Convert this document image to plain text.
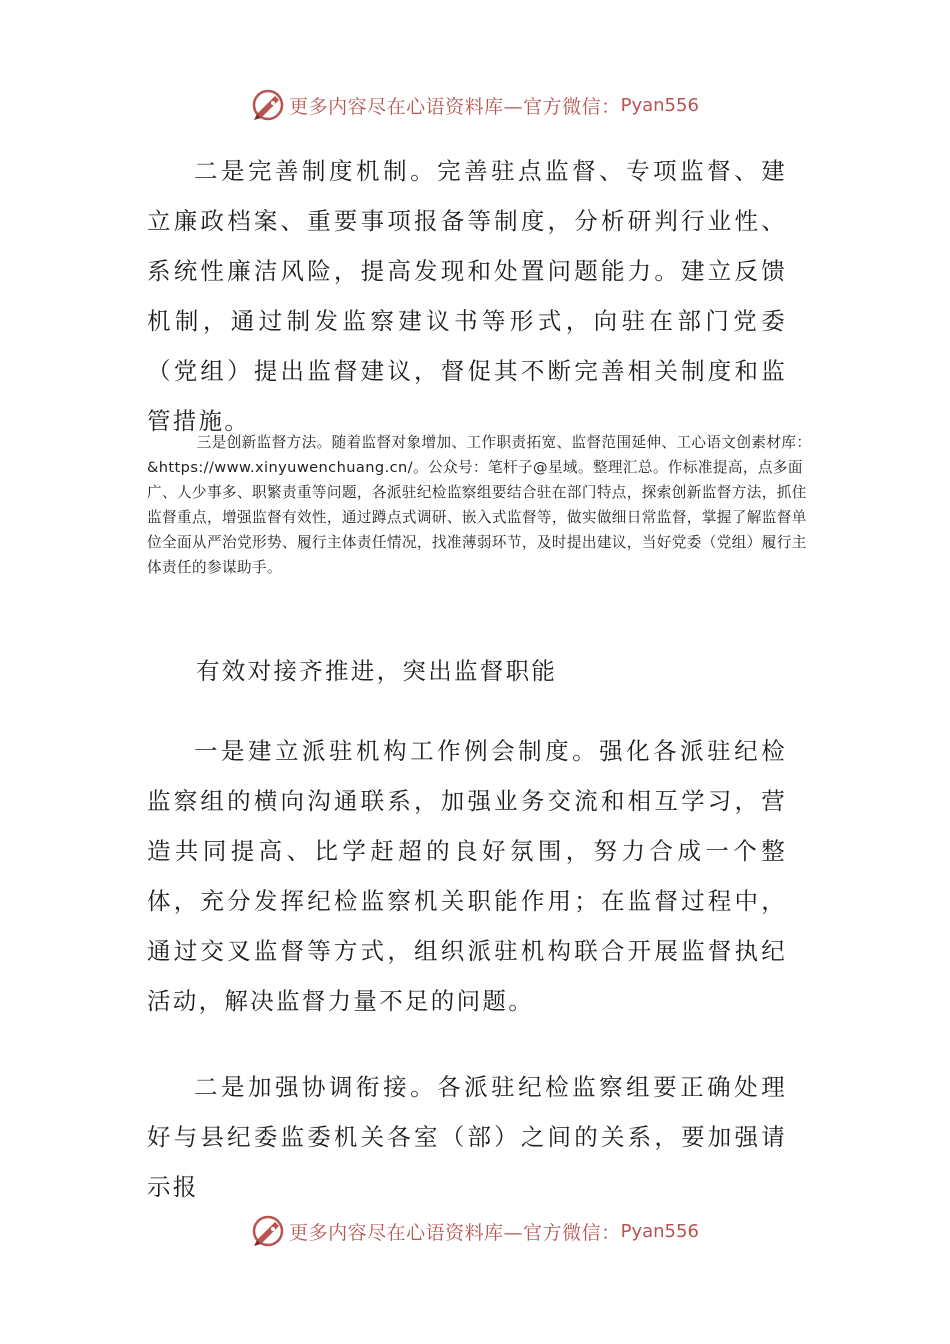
更多内容尽在心语资料库—官方微信： Pyan556

二是完善制度机制。完善驻点监督、专项监督、建立廉政档案、重要事项报备等制度，分析研判行业性、系统性廉洁风险，提高发现和处置问题能力。建立反馈机制，通过制发监察建议书等形式，向驻在部门党委（党组）提出监督建议，督促其不断完善相关制度和监管措施。

三是创新监督方法。随着监督对象增加、工作职责拓宽、监督范围延伸、工心语文创素材库：&https://www.xinyuwenchuang.cn/。公众号：笔杆子@星域。整理汇总。作标准提高，点多面广、人少事多、职繁责重等问题，各派驻纪检监察组要结合驻在部门特点，探索创新监督方法，抓住监督重点，增强监督有效性，通过蹲点式调研、嵌入式监督等，做实做细日常监督，掌握了解监督单位全面从严治党形势、履行主体责任情况，找准薄弱环节，及时提出建议，当好党委（党组）履行主体责任的参谋助手。

有效对接齐推进，突出监督职能

一是建立派驻机构工作例会制度。强化各派驻纪检监察组的横向沟通联系，加强业务交流和相互学习，营造共同提高、比学赶超的良好氛围，努力合成一个整体，充分发挥纪检监察机关职能作用；在监督过程中，通过交叉监督等方式，组织派驻机构联合开展监督执纪活动，解决监督力量不足的问题。

二是加强协调衔接。各派驻纪检监察组要正确处理好与县纪委监委机关各室（部）之间的关系，要加强请示报

更多内容尽在心语资料库—官方微信： Pyan556
